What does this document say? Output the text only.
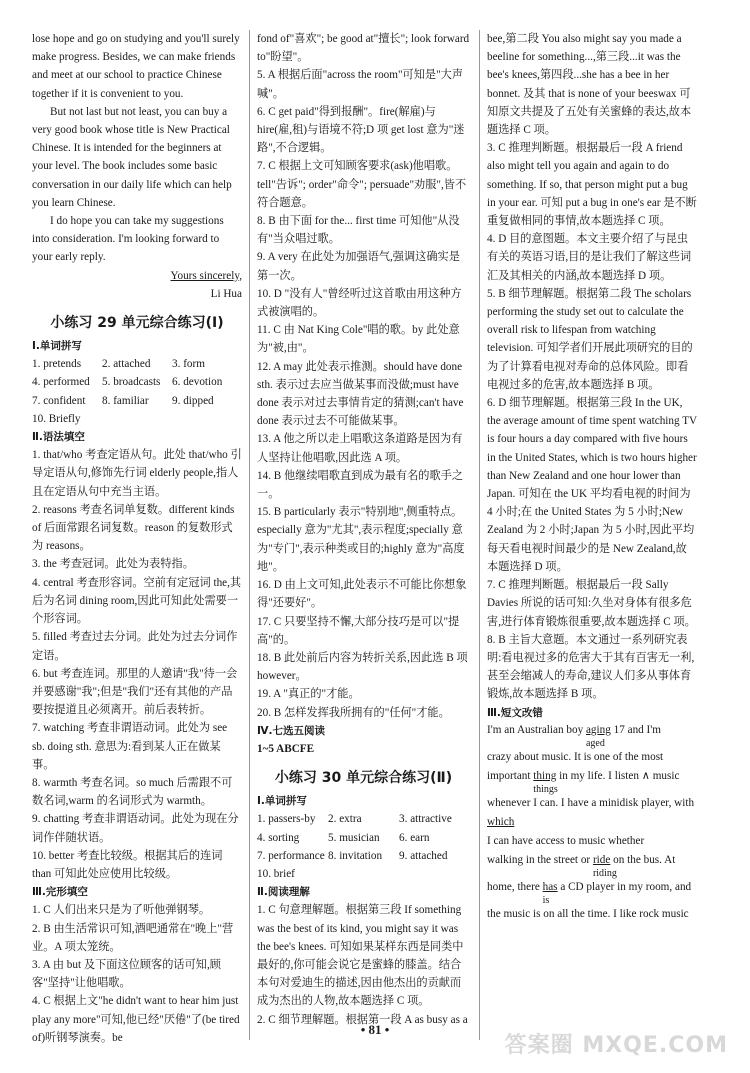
lose hope and go on studying and you'll surely make progress. Besides, we can make friends and meet at our school to practice Chinese together if it is convenient to you.

But not last but not least, you can buy a very good book whose title is New Practical Chinese. It is intended for the beginners at your level. The book includes some basic conversation in our daily life which can help you learn Chinese.

I do hope you can take my suggestions into consideration. I'm looking forward to your early reply.

Yours sincerely,

Li Hua

小练习 29 单元综合练习(Ⅰ)
Ⅰ.单词拼写
1. pretends	2. attached	3. form
4. performed	5. broadcasts	6. devotion
7. confident	8. familiar	9. dipped
10. Briefly
Ⅱ.语法填空
1. that/who 考查定语从句。此处 that/who 引导定语从句,修饰先行词 elderly people,指人且在定语从句中充当主语。
2. reasons 考查名词单复数。different kinds of 后面常跟名词复数。reason 的复数形式为 reasons。
3. the 考查冠词。此处为表特指。
4. central 考查形容词。空前有定冠词 the,其后为名词 dining room,因此可知此处需要一个形容词。
5. filled 考查过去分词。此处为过去分词作定语。
6. but 考查连词。那里的人邀请"我"待一会并要感谢"我";但是"我们"还有其他的产品要按提道且必须离开。前后表转折。
7. watching 考查非谓语动词。此处为 see sb. doing sth. 意思为:看到某人正在做某事。
8. warmth 考查名词。so much 后需跟不可数名词,warm 的名词形式为 warmth。
9. chatting 考查非谓语动词。此处为现在分词作伴随状语。
10. better 考查比较级。根据其后的连词 than 可知此处应使用比较级。
Ⅲ.完形填空
1. C 人们出来只是为了听他弹钢琴。
2. B 由生活常识可知,酒吧通常在"晚上"营业。A 项太笼统。
3. A 由 but 及下面这位顾客的话可知,顾客"坚持"让他唱歌。
4. C 根据上文"he didn't want to hear him just play any more"可知,他已经"厌倦"了(be tired of)听钢琴演奏。be
fond of"喜欢"; be good at"擅长"; look forward to"盼望"。
5. A 根据后面"across the room"可知是"大声喊"。
6. C get paid"得到报酬"。fire(解雇)与 hire(雇,租)与语境不符;D 项 get lost 意为"迷路",不合逻辑。
7. C 根据上文可知顾客要求(ask)他唱歌。tell"告诉"; order"命令"; persuade"劝服",皆不符合题意。
8. B 由下面 for the... first time 可知他"从没有"当众唱过歌。
9. A very 在此处为加强语气,强调这确实是第一次。
10. D "没有人"曾经听过这首歌由用这种方式被演唱的。
11. C 由 Nat King Cole"唱的歌。by 此处意为"被,由"。
12. A may 此处表示推测。should have done sth. 表示过去应当做某事而没做;must have done 表示对过去事情肯定的猜测;can't have done 表示过去不可能做某事。
13. A 他之所以走上唱歌这条道路是因为有人坚持让他唱歌,因此选 A 项。
14. B 他继续唱歌直到成为最有名的歌手之一。
15. B particularly 表示"特别地",侧重特点。especially 意为"尤其",表示程度;specially 意为"专门",表示种类或目的;highly 意为"高度地"。
16. D 由上文可知,此处表示不可能比你想象得"还要好"。
17. C 只要坚持不懈,大部分技巧是可以"提高"的。
18. B 此处前后内容为转折关系,因此选 B 项 however。
19. A "真正的"才能。
20. B 怎样发挥我所拥有的"任何"才能。
Ⅳ.七选五阅读
1~5 ABCFE
小练习 30 单元综合练习(Ⅱ)
Ⅰ.单词拼写
1. passers-by	2. extra	3. attractive
4. sorting	5. musician	6. earn
7. performance 8. invitation	9. attached
10. brief
Ⅱ.阅读理解
1. C 句意理解题。根据第三段 If something was the best of its kind, you might say it was the bee's knees. 可知如果某样东西是同类中最好的,你可能会说它是蜜蜂的膝盖。结合本句对爱迪生的描述,因由他杰出的贡献而成为杰出的人物,故本题选择 C 项。
2. C 细节理解题。根据第一段 A as busy as a
bee,第二段 You also might say you made a beeline for something...,第三段...it was the bee's knees,第四段...she has a bee in her bonnet. 及其 that is none of your beeswax 可知原文共提及了五处有关蜜蜂的表达,故本题选择 C 项。
3. C 推理判断题。根据最后一段 A friend also might tell you again and again to do something. If so, that person might put a bug in your ear. 可知 put a bug in one's ear 是不断重复做相同的事情,故本题选择 C 项。
4. D 目的意图题。本文主要介绍了与昆虫有关的英语习语,目的是让我们了解这些词汇及其相关的内涵,故本题选择 D 项。
5. B 细节理解题。根据第二段 The scholars performing the study set out to calculate the overall risk to lifespan from watching television. 可知学者们开展此项研究的目的为了计算看电视对寿命的总体风险。即看电视过多的危害,故本题选择 B 项。
6. D 细节理解题。根据第三段 In the UK, the average amount of time spent watching TV is four hours a day compared with five hours in the United States, which is two hours higher than New Zealand and one hour lower than Japan. 可知在 the UK 平均看电视的时间为 4 小时;在 the United States 为 5 小时;New Zealand 为 2 小时;Japan 为 5 小时,因此平均每天看电视时间最少的是 New Zealand,故本题选择 D 项。
7. C 推理判断题。根据最后一段 Sally Davies 所说的话可知:久坐对身体有很多危害,进行体育锻炼很重要,故本题选择 C 项。
8. B 主旨大意题。本文通过一系列研究表明:看电视过多的危害大于其有百害无一利,甚至会缩减人的寿命,建议人们多从事体育锻炼,故本题选择 B 项。
Ⅲ.短文改错
I'm an Australian boy aging
aged
17 and I'm
crazy about music. It is one of the most
important thing
things
in my life. I listen ∧ music
whenever I can. I have a minidisk player, with
which
I can have access to music whether
walking in the street or ride
riding
on the bus. At
home, there has
is
a CD player in my room, and
the music is on all the time. I like rock music
• 81 •
答案圈 MXQE.COM
